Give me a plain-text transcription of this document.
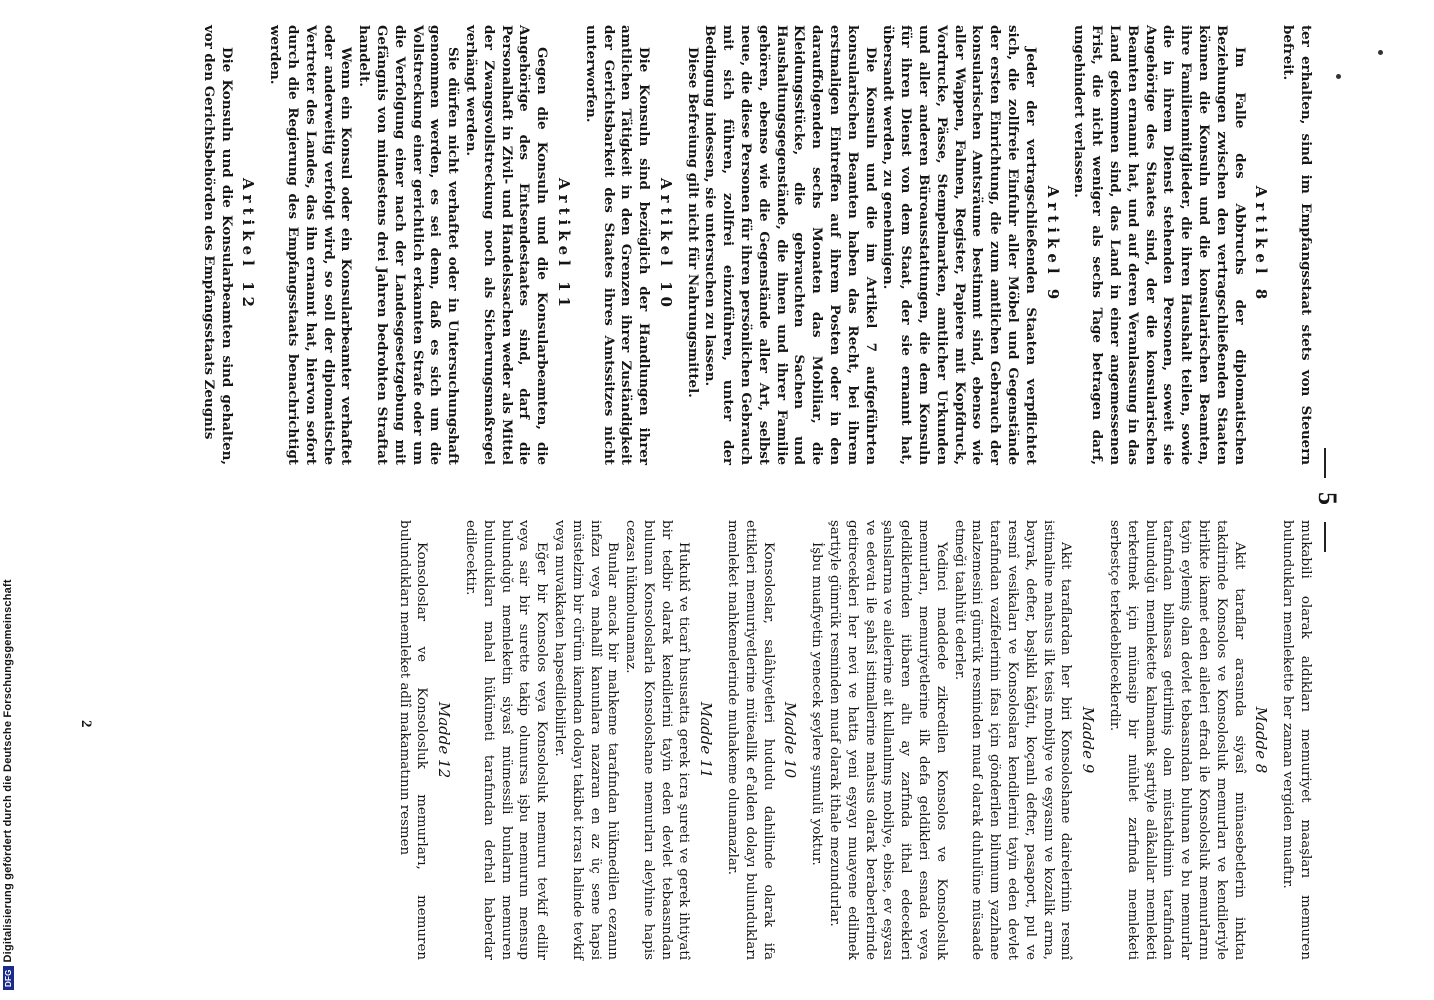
5

mukabili olarak aldıkları memuriyet maaşları memuren bulundukları memlekette her zaman vergiden muaftır.

Madde 8

Akit taraflar arasında siyasî münasebetlerin inkıtaı takdirinde Konsolos ve Konsolosluk memurları ve kendileriyle birlikte ikamet eden aileleri efradı ile Konsolosluk memurlarını tayin eylemiş olan devlet tebaasından bulunan ve bu memurlar tarafından bilhassa getirilmiş olan müstahdimin tarafından bulunduğu memlekette kalmamak şartiyle alâkalılar memleketi terketmek için münasip bir mühlet zarfında memleketi serbestçe terkedebileceklerdir.

Madde 9

Akit taraflardan her biri Konsoloshane dairelerinin resmî istimaline mahsus ilk tesis mobilye ve eşyasını ve kozalik arma, bayrak, defter, başlıklı kâğıtı, koçanlı defter, pasaport, pul ve resmî vesikaları ve Konsoloslara kendilerini tayin eden devlet tarafından vazifelerinin ifası için gönderilen bilumum yazıhane malzemesini gümrük resminden muaf olarak duhulüne müsaade etmeği taahhüt ederler.

Yedinci maddede zikredilen Konsolos ve Konsolosluk memurları, memuriyetlerine ilk defa geldikleri esnada veya geldiklerinden itibaren altı ay zarfında ithal edecekleri şahıslarına ve ailelerine ait kullanılmış mobilye, ebise, ev eşyası ve edevatı ile şahsî istimallerine mahsus olarak beraberlerinde getirecekleri her nevi ve hatta yeni eşyayı muayene edilmek şartiyle gümrük resminden muaf olarak ithale mezundurlar.

İşbu muafiyetin yenecek şeylere şumulü yoktur.

Madde 10

Konsoloslar, salâhiyetleri hududu dahilinde olarak ifa ettikleri memuriyetlerine müteallik ef'alden dolayı bulundukları memleket mahkemelerinde muhakeme olunamazlar.

Madde 11

Hukukî ve ticarî hususatta gerek icra şureti ve gerek ihtiyatî bir tedbir olarak kendilerini tayin eden devlet tebaasından bulunan Konsoloslarla Konsoloshane memurları aleyhine hapis cezası hükmolunamaz.

Bunlar ancak bir mahkeme tarafından hükmedilen cezanın infazı veya mahallî kanunlara nazaran en az üç sene hapsi müstelzim bir cürüm ikamdan dolayı takibat icrası halinde tevkif veya muvakkaten hapsedilebilirler.

Eğer bir Konsolos veya Konsolosluk memuru tevkif edilir veya sair bir surette takip olunursa işbu memurun mensup bulunduğu memleketin siyasî mümessili bunların memuren bulundukları mahal hükümeti tarafından derhal haberdar edilecektir.

Madde 12

Konsoloslar ve Konsolosluk memurları, memuren bulundukları memleket adlî makamatının resmen

ter erhalten, sind im Empfangsstaat stets von Steuern befreit.

Artikel 8

Im Falle des Abbruchs der diplomatischen Beziehungen zwischen den vertragschließenden Staaten können die Konsuln und die konsularischen Beamten, ihre Familienmitglieder, die ihren Haushalt teilen, sowie die in ihrem Dienst stehenden Personen, soweit sie Angehörige des Staates sind, der die konsularischen Beamten ernannt hat, und auf deren Veranlassung in das Land gekommen sind, das Land in einer angemessenen Frist, die nicht weniger als sechs Tage betragen darf, ungehindert verlassen.

Artikel 9

Jeder der vertragschließenden Staaten verpflichtet sich, die zollfreie Einfuhr aller Möbel und Gegenstände der ersten Einrichtung, die zum amtlichen Gebrauch der konsularischen Amtsräume bestimmt sind, ebenso wie aller Wappen, Fahnen, Register, Papiere mit Kopfdruck, Vordrucke, Pässe, Stempelmarken, amtlicher Urkunden und aller anderen Büroausstattungen, die dem Konsuln für ihren Dienst von dem Staat, der sie ernannt hat, übersandt werden, zu genehmigen.

Die Konsuln und die im Artikel 7 aufgeführten konsularischen Beamten haben das Recht, bei ihrem erstmaligen Eintreffen auf ihrem Posten oder in den darauffolgenden sechs Monaten das Mobiliar, die Kleidungsstücke, die gebrauchten Sachen und Haushaltungsgegenstände, die ihnen und ihrer Familie gehören, ebenso wie die Gegenstände aller Art, selbst neue, die diese Personen für ihren persönlichen Gebrauch mit sich führen, zollfrei einzuführen, unter der Bedingung indessen, sie untersuchen zu lassen.

Diese Befreiung gilt nicht für Nahrungsmittel.

Artikel 10

Die Konsuln sind bezüglich der Handlungen ihrer amtlichen Tätigkeit in den Grenzen ihrer Zuständigkeit der Gerichtsbarkeit des Staates ihres Amtssitzes nicht unterworfen.

Artikel 11

Gegen die Konsuln und die Konsularbeamten, die Angehörige des Entsendestaates sind, darf die Personalhaft in Zivil- und Handelssachen weder als Mittel der Zwangsvollstreckung noch als Sicherungsmaßregel verhängt werden.

Sie dürfen nicht verhaftet oder in Untersuchungshaft genommen werden, es sei denn, daß es sich um die Vollstreckung einer gerichtlich erkannten Strafe oder um die Verfolgung einer nach der Landesgesetzgebung mit Gefängnis von mindestens drei Jahren bedrohten Straftat handelt.

Wenn ein Konsul oder ein Konsularbeamter verhaftet oder anderweitig verfolgt wird, so soll der diplomatische Vertreter des Landes, das ihn ernannt hat, hiervon sofort durch die Regierung des Empfangsstaats benachrichtigt werden.

Artikel 12

Die Konsuln und die Konsularbeamten sind gehalten, vor den Gerichtsbehörden des Empfangsstaats Zeugnis

2
DFGDigitalisierung gefördert durch die Deutsche Forschungsgemeinschaft
